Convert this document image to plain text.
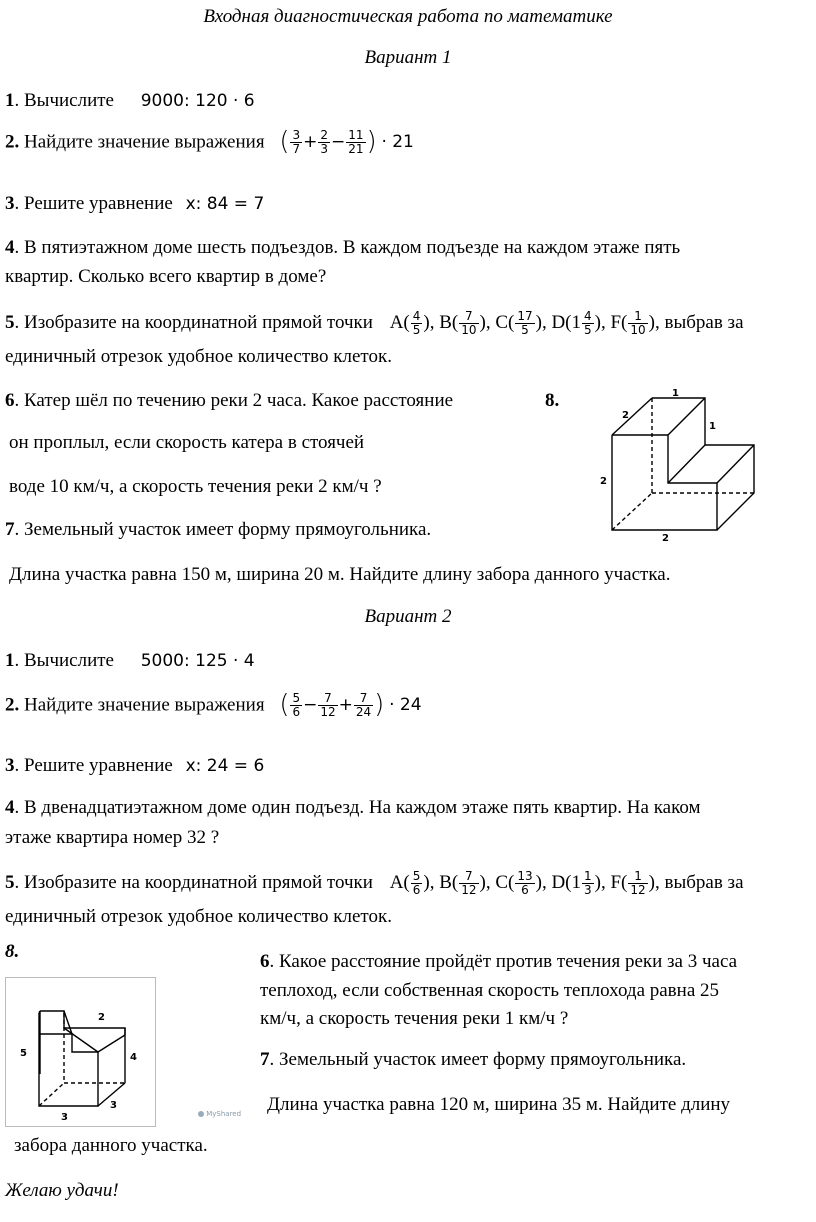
Входная диагностическая работа по математике
Вариант 1
1. Вычислите 9000: 120 · 6
2. Найдите значение выражения ( $\frac{3}{7} + \frac{2}{3} - \frac{11}{21}$ ) · 21
3. Решите уравнение x: 84 = 7
4. В пятиэтажном доме шесть подъездов. В каждом подъезде на каждом этаже пять
квартир. Сколько всего квартир в доме?
5. Изобразите на координатной прямой точки $A( \frac{4}{5}$ ), $B( \frac{7}{10}$ ), $C( \frac{17}{5}$ ), $D(1 \frac{4}{5}$ ), $F( \frac{1}{10}$ ), выбрав за
единичный отрезок удобное количество клеток.
6. Катер шёл по течению реки 2 часа. Какое расстояние
он проплыл, если скорость катера в стоячей
воде 10 км/ч, а скорость течения реки 2 км/ч ?
8.	1
2
1
2
2
7. Земельный участок имеет форму прямоугольника.
Длина участка равна 150 м, ширина 20 м. Найдите длину забора данного участка.
Вариант 2
1. Вычислите 5000: 125 · 4
2. Найдите значение выражения ( $\frac{5}{6} - \frac{7}{12} + \frac{7}{24}$ ) · 24
3. Решите уравнение x: 24 = 6
4. В двенадцатиэтажном доме один подъезд. На каждом этаже пять квартир. На каком
этаже квартира номер 32 ?
5. Изобразите на координатной прямой точки $A( \frac{5}{6}$ ), $B( \frac{7}{12}$ ), $C( \frac{13}{6}$ ), $D(1 \frac{1}{3}$ ), $F( \frac{1}{12}$ ), выбрав за
единичный отрезок удобное количество клеток.
8.
2
5	4
3
3
MyShared
6. Какое расстояние пройдёт против течения реки за 3 часа
теплоход, если собственная скорость теплохода равна 25
км/ч, а скорость течения реки 1 км/ч ?
7. Земельный участок имеет форму прямоугольника.
Длина участка равна 120 м, ширина 35 м. Найдите длину
забора данного участка.
Желаю удачи!
